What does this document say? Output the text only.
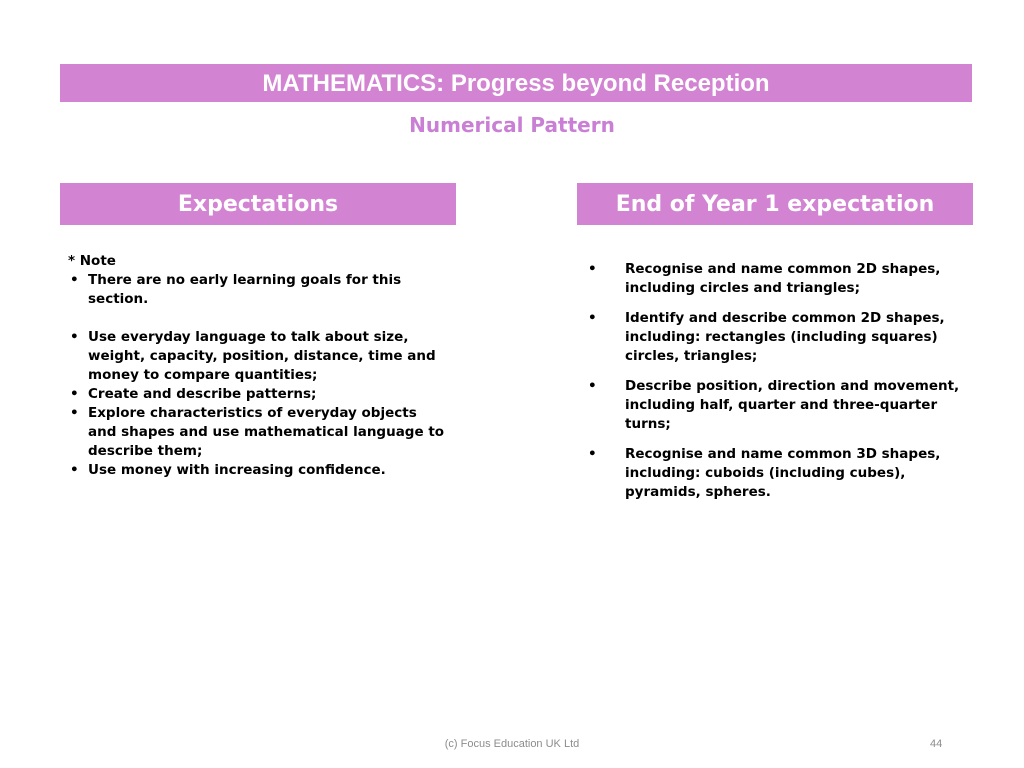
MATHEMATICS: Progress beyond Reception
Numerical Pattern
Expectations	End of Year 1 expectation

* Note

• There are no early learning goals for this section.
• Use everyday language to talk about size, weight, capacity, position, distance, time and money to compare quantities;
• Create and describe patterns;
• Explore characteristics of everyday objects and shapes and use mathematical language to describe them;
• Use money with increasing confidence.
• Recognise and name common 2D shapes, including circles and triangles;
• Identify and describe common 2D shapes, including: rectangles (including squares) circles, triangles;
• Describe position, direction and movement, including half, quarter and three-quarter turns;
• Recognise and name common 3D shapes, including: cuboids (including cubes), pyramids, spheres.
(c) Focus Education UK Ltd	44
